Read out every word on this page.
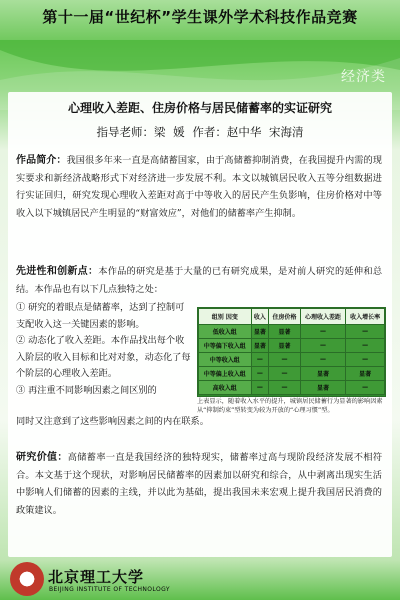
第十一届“世纪杯”学生课外学术科技作品竞赛
经济类
心理收入差距、住房价格与居民储蓄率的实证研究
指导老师：梁 媛 作者：赵中华 宋海清
作品简介：我国很多年来一直是高储蓄国家，由于高储蓄抑制消费，在我国提升内需的现实要求和新经济战略形式下对经济进一步发展不利。本文以城镇居民收入五等分组数据进行实证回归，研究发现心理收入差距对高于中等收入的居民产生负影响，住房价格对中等收入以下城镇居民产生明显的“财富效应”，对他们的储蓄率产生抑制。
先进性和创新点：本作品的研究是基于大量的已有研究成果，是对前人研究的延伸和总结。本作品也有以下几点独特之处：

① 研究的着眼点是储蓄率，达到了控制可支配收入这一关键因素的影响。

② 动态化了收入差距。本作品找出每个收入阶层的收入目标和比对对象，动态化了每个阶层的心理收入差距。

③ 再注重不同影响因素之间区别的

组别 因变	收入	住房价格	心理收入差距	收入增长率
低收入组	显著	显著	—	—
中等偏下收入组	显著	显著	—	—
中等收入组	—	—	—	—
中等偏上收入组	—	—	显著	显著
高收入组	—	—	显著	—
上表显示，随着收入水平的提升，城镇居民储蓄行为显著的影响因素从“抑制约束”型转变为较为开放的“心理习惯”型。
同时又注意到了这些影响因素之间的内在联系。
研究价值：高储蓄率一直是我国经济的独特现实，储蓄率过高与现阶段经济发展不相符合。本文基于这个现状，对影响居民储蓄率的因素加以研究和综合，从中剥离出现实生活中影响人们储蓄的因素的主线，并以此为基础，提出我国未来宏观上提升我国居民消费的政策建议。
北京理工大学
BEIJING INSTITUTE OF TECHNOLOGY
